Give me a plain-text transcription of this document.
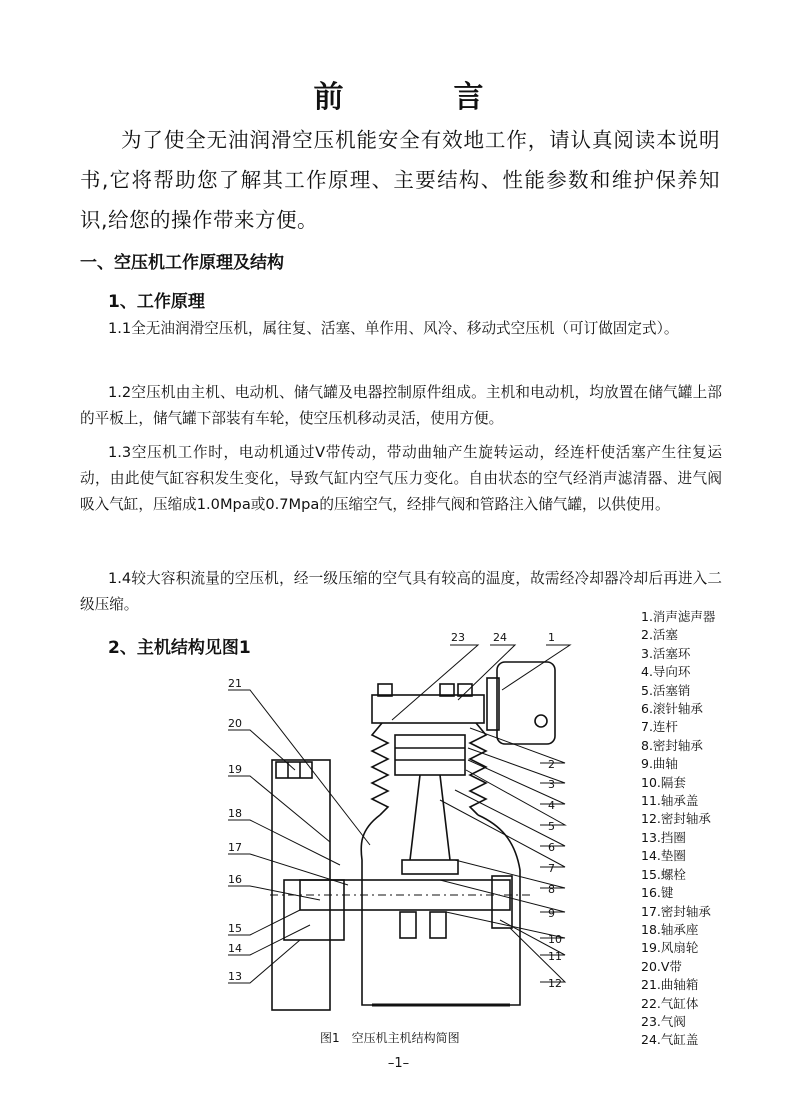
前　言
为了使全无油润滑空压机能安全有效地工作，请认真阅读本说明书,它将帮助您了解其工作原理、主要结构、性能参数和维护保养知识,给您的操作带来方便。
一、空压机工作原理及结构
1、工作原理
1.1全无油润滑空压机，属往复、活塞、单作用、风冷、移动式空压机（可订做固定式）。
1.2空压机由主机、电动机、储气罐及电器控制原件组成。主机和电动机，均放置在储气罐上部的平板上，储气罐下部装有车轮，使空压机移动灵活，使用方便。
1.3空压机工作时，电动机通过V带传动，带动曲轴产生旋转运动，经连杆使活塞产生往复运动，由此使气缸容积发生变化，导致气缸内空气压力变化。自由状态的空气经消声滤清器、进气阀吸入气缸，压缩成1.0Mpa或0.7Mpa的压缩空气，经排气阀和管路注入储气罐，以供使用。
1.4较大容积流量的空压机，经一级压缩的空气具有较高的温度，故需经冷却器冷却后再进入二级压缩。
2、主机结构见图1
23	24	1
2
3
4
5
6
7
8
9
10
11
12
21
20
19
18
17
16
15
14
13
1.消声滤声器
2.活塞
3.活塞环
4.导向环
5.活塞销
6.滚针轴承
7.连杆
8.密封轴承
9.曲轴
10.隔套
11.轴承盖
12.密封轴承
13.挡圈
14.垫圈
15.螺栓
16.键
17.密封轴承
18.轴承座
19.风扇轮
20.V带
21.曲轴箱
22.气缸体
23.气阀
24.气缸盖
图1　空压机主机结构简图
–1–
